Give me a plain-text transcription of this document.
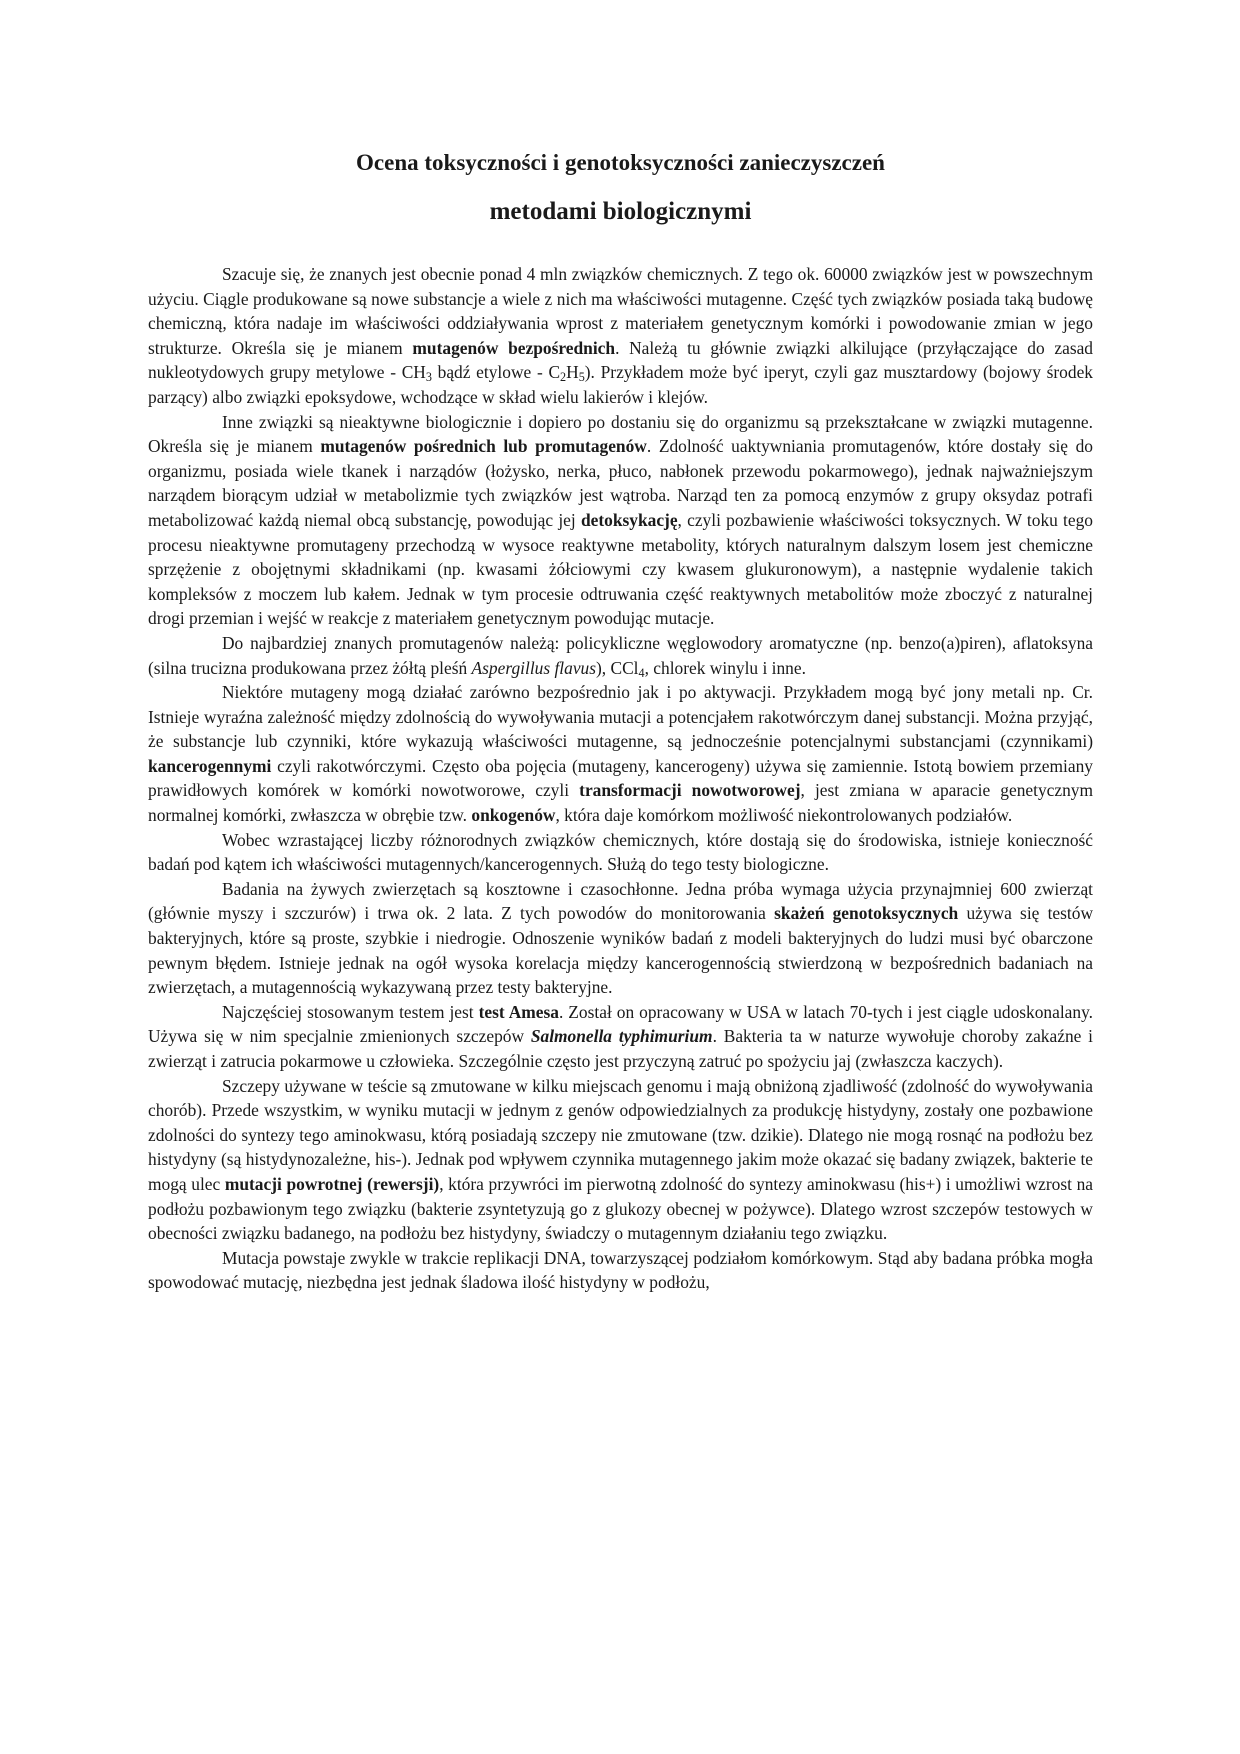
Ocena toksyczności i genotoksyczności zanieczyszczeń
metodami biologicznymi

Szacuje się, że znanych jest obecnie ponad 4 mln związków chemicznych. Z tego ok. 60000 związków jest w powszechnym użyciu. Ciągle produkowane są nowe substancje a wiele z nich ma właściwości mutagenne. Część tych związków posiada taką budowę chemiczną, która nadaje im właściwości oddziaływania wprost z materiałem genetycznym komórki i powodowanie zmian w jego strukturze. Określa się je mianem mutagenów bezpośrednich. Należą tu głównie związki alkilujące (przyłączające do zasad nukleotydowych grupy metylowe - $CH_3$ bądź etylowe - $C_2H_5$). Przykładem może być iperyt, czyli gaz musztardowy (bojowy środek parzący) albo związki epoksydowe, wchodzące w skład wielu lakierów i klejów.

Inne związki są nieaktywne biologicznie i dopiero po dostaniu się do organizmu są przekształcane w związki mutagenne. Określa się je mianem mutagenów pośrednich lub promutagenów. Zdolność uaktywniania promutagenów, które dostały się do organizmu, posiada wiele tkanek i narządów (łożysko, nerka, płuco, nabłonek przewodu pokarmowego), jednak najważniejszym narządem biorącym udział w metabolizmie tych związków jest wątroba. Narząd ten za pomocą enzymów z grupy oksydaz potrafi metabolizować każdą niemal obcą substancję, powodując jej detoksykację, czyli pozbawienie właściwości toksycznych. W toku tego procesu nieaktywne promutageny przechodzą w wysoce reaktywne metabolity, których naturalnym dalszym losem jest chemiczne sprzężenie z obojętnymi składnikami (np. kwasami żółciowymi czy kwasem glukuronowym), a następnie wydalenie takich kompleksów z moczem lub kałem. Jednak w tym procesie odtruwania część reaktywnych metabolitów może zboczyć z naturalnej drogi przemian i wejść w reakcje z materiałem genetycznym powodując mutacje.

Do najbardziej znanych promutagenów należą: policykliczne węglowodory aromatyczne (np. benzo(a)piren), aflatoksyna (silna trucizna produkowana przez żółtą pleśń Aspergillus flavus), CCl$_4$, chlorek winylu i inne.

Niektóre mutageny mogą działać zarówno bezpośrednio jak i po aktywacji. Przykładem mogą być jony metali np. Cr. Istnieje wyraźna zależność między zdolnością do wywoływania mutacji a potencjałem rakotwórczym danej substancji. Można przyjąć, że substancje lub czynniki, które wykazują właściwości mutagenne, są jednocześnie potencjalnymi substancjami (czynnikami) kancerogennymi czyli rakotwórczymi. Często oba pojęcia (mutageny, kancerogeny) używa się zamiennie. Istotą bowiem przemiany prawidłowych komórek w komórki nowotworowe, czyli transformacji nowotworowej, jest zmiana w aparacie genetycznym normalnej komórki, zwłaszcza w obrębie tzw. onkogenów, która daje komórkom możliwość niekontrolowanych podziałów.

Wobec wzrastającej liczby różnorodnych związków chemicznych, które dostają się do środowiska, istnieje konieczność badań pod kątem ich właściwości mutagennych/kancerogennych. Służą do tego testy biologiczne.

Badania na żywych zwierzętach są kosztowne i czasochłonne. Jedna próba wymaga użycia przynajmniej 600 zwierząt (głównie myszy i szczurów) i trwa ok. 2 lata. Z tych powodów do monitorowania skażeń genotoksycznych używa się testów bakteryjnych, które są proste, szybkie i niedrogie. Odnoszenie wyników badań z modeli bakteryjnych do ludzi musi być obarczone pewnym błędem. Istnieje jednak na ogół wysoka korelacja między kancerogennością stwierdzoną w bezpośrednich badaniach na zwierzętach, a mutagennością wykazywaną przez testy bakteryjne.

Najczęściej stosowanym testem jest test Amesa. Został on opracowany w USA w latach 70-tych i jest ciągle udoskonalany. Używa się w nim specjalnie zmienionych szczepów Salmonella typhimurium. Bakteria ta w naturze wywołuje choroby zakaźne i zwierząt i zatrucia pokarmowe u człowieka. Szczególnie często jest przyczyną zatruć po spożyciu jaj (zwłaszcza kaczych).

Szczepy używane w teście są zmutowane w kilku miejscach genomu i mają obniżoną zjadliwość (zdolność do wywoływania chorób). Przede wszystkim, w wyniku mutacji w jednym z genów odpowiedzialnych za produkcję histydyny, zostały one pozbawione zdolności do syntezy tego aminokwasu, którą posiadają szczepy nie zmutowane (tzw. dzikie). Dlatego nie mogą rosnąć na podłożu bez histydyny (są histydynozależne, his-). Jednak pod wpływem czynnika mutagennego jakim może okazać się badany związek, bakterie te mogą ulec mutacji powrotnej (rewersji), która przywróci im pierwotną zdolność do syntezy aminokwasu (his+) i umożliwi wzrost na podłożu pozbawionym tego związku (bakterie zsyntetyzują go z glukozy obecnej w pożywce). Dlatego wzrost szczepów testowych w obecności związku badanego, na podłożu bez histydyny, świadczy o mutagennym działaniu tego związku.

Mutacja powstaje zwykle w trakcie replikacji DNA, towarzyszącej podziałom komórkowym. Stąd aby badana próbka mogła spowodować mutację, niezbędna jest jednak śladowa ilość histydyny w podłożu,
